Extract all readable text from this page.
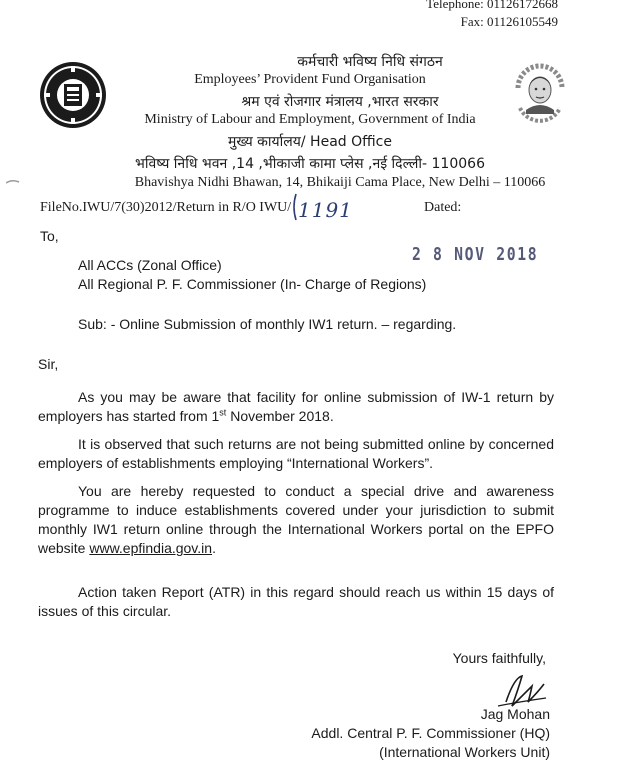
Telephone: 01126172668
Fax: 01126105549
कर्मचारी भविष्य निधि संगठन
Employees’ Provident Fund Organisation
श्रम एवं रोजगार मंत्रालय ,भारत सरकार
Ministry of Labour and Employment, Government of India
मुख्य कार्यालय/ Head Office
भविष्य निधि भवन ,14 ,भीकाजी कामा प्लेस ,नई दिल्ली- 110066
Bhavishya Nidhi Bhawan, 14, Bhikaiji Cama Place, New Delhi – 110066
FileNo.IWU/7(30)2012/Return in R/O IWU/ 1191	Dated:
To,
2 8 NOV 2018
All ACCs (Zonal Office)
All Regional P. F. Commissioner (In- Charge of Regions)
Sub: - Online Submission of monthly IW1 return. – regarding.
Sir,
As you may be aware that facility for online submission of IW-1 return by employers has started from 1st November 2018.
It is observed that such returns are not being submitted online by concerned employers of establishments employing “International Workers”.
You are hereby requested to conduct a special drive and awareness programme to induce establishments covered under your jurisdiction to submit monthly IW1 return online through the International Workers portal on the EPFO website www.epfindia.gov.in.
Action taken Report (ATR) in this regard should reach us within 15 days of issues of this circular.
Yours faithfully,
Jag Mohan
Addl. Central P. F. Commissioner (HQ)
(International Workers Unit)
